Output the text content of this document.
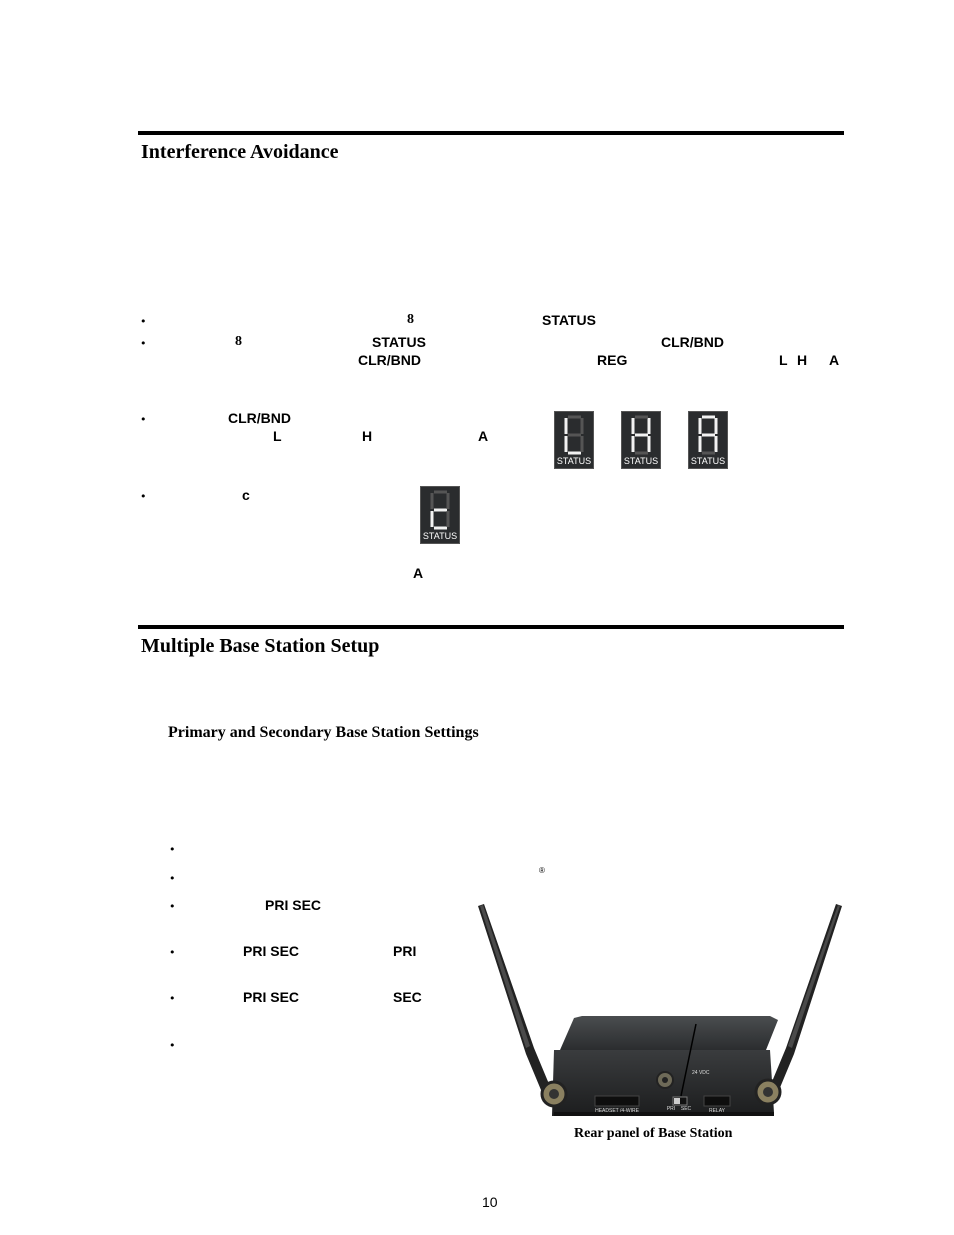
Interference Avoidance
•	8	STATUS
•	8	STATUS	CLR/BND
CLR/BND	REG	L H A
•	CLR/BND
L	H	A
STATUS	STATUS	STATUS
•	c
STATUS
A
Multiple Base Station Setup
Primary and Secondary Base Station Settings
•
•
®
•	PRI SEC
•	PRI SEC	PRI
•	PRI SEC	SEC
•
HEADSET /4-WIRE	PRI SEC	RELAY
24 VDC
Rear panel of Base Station
10
